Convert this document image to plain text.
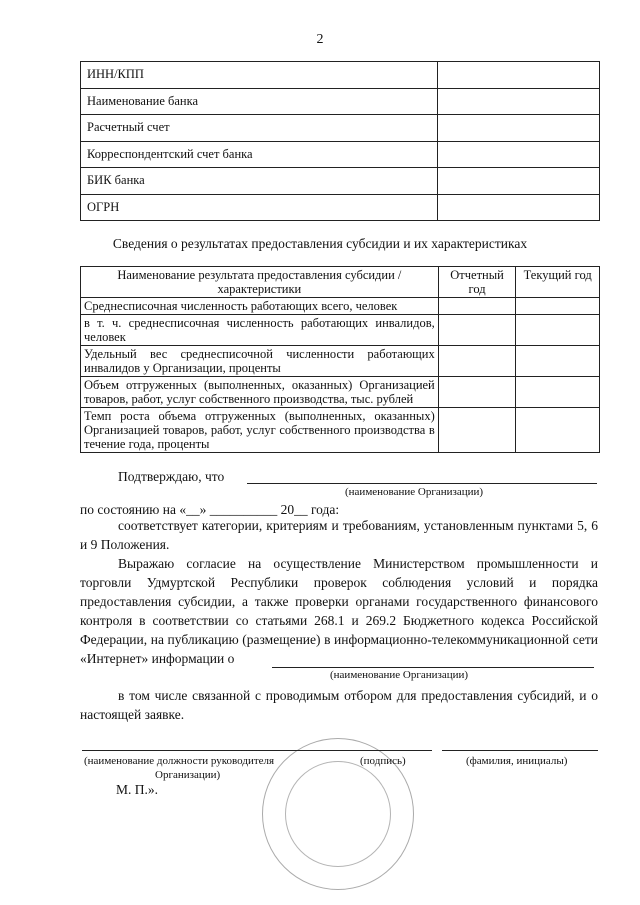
2
ИНН/КПП	
Наименование банка	
Расчетный счет	
Корреспондентский счет банка	
БИК банка	
ОГРН	
Сведения о результатах предоставления субсидии и их характеристиках
Наименование результата предоставления субсидии / характеристики	Отчетный год	Текущий год
Среднесписочная численность работающих всего, человек		
в т. ч. среднесписочная численность работающих инвалидов, человек		
Удельный вес среднесписочной численности работающих инвалидов у Организации, проценты		
Объем отгруженных (выполненных, оказанных) Организацией товаров, работ, услуг собственного производства, тыс. рублей		
Темп роста объема отгруженных (выполненных, оказанных) Организацией товаров, работ, услуг собственного производства в течение года, проценты		
Подтверждаю, что
(наименование Организации)
по состоянию на «__» __________ 20__ года:
соответствует категории, критериям и требованиям, установленным пунктами 5, 6 и 9 Положения.
Выражаю согласие на осуществление Министерством промышленности и торговли Удмуртской Республики проверок соблюдения условий и порядка предоставления субсидии, а также проверки органами государственного финансового контроля в соответствии со статьями 268.1 и 269.2 Бюджетного кодекса Российской Федерации, на публикацию (размещение) в информационно-телекоммуникационной сети «Интернет» информации о
(наименование Организации)
в том числе связанной с проводимым отбором для предоставления субсидий, и о настоящей заявке.
(наименование должности руководителя	(подпись)	(фамилия, инициалы)
Организации)
М. П.».
